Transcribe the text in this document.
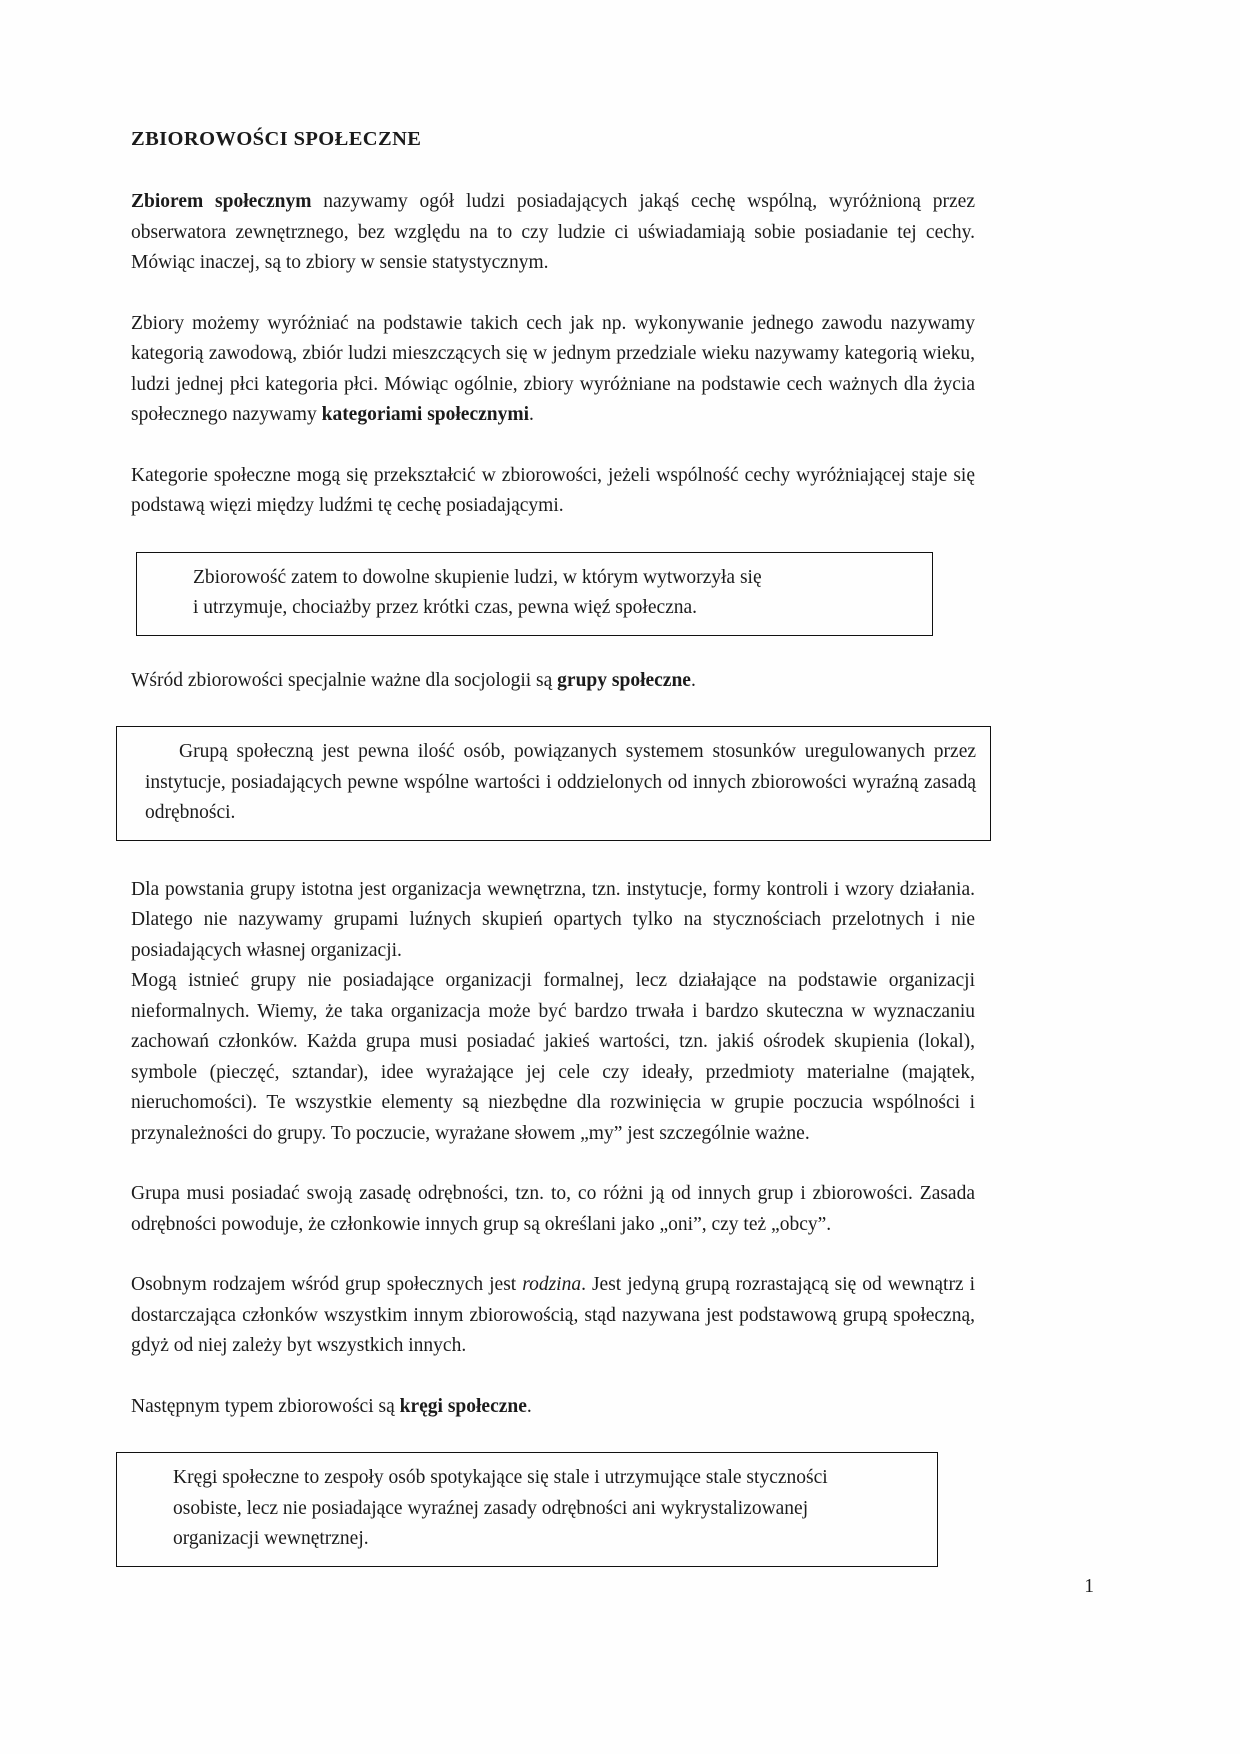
ZBIOROWOŚCI SPOŁECZNE

Zbiorem społecznym nazywamy ogół ludzi posiadających jakąś cechę wspólną, wyróżnioną przez obserwatora zewnętrznego, bez względu na to czy ludzie ci uświadamiają sobie posiadanie tej cechy. Mówiąc inaczej, są to zbiory w sensie statystycznym.

Zbiory możemy wyróżniać na podstawie takich cech jak np. wykonywanie jednego zawodu nazywamy kategorią zawodową, zbiór ludzi mieszczących się w jednym przedziale wieku nazywamy kategorią wieku, ludzi jednej płci kategoria płci. Mówiąc ogólnie, zbiory wyróżniane na podstawie cech ważnych dla życia społecznego nazywamy kategoriami społecznymi.

Kategorie społeczne mogą się przekształcić w zbiorowości, jeżeli wspólność cechy wyróżniającej staje się podstawą więzi między ludźmi tę cechę posiadającymi.

Zbiorowość zatem to dowolne skupienie ludzi, w którym wytworzyła się

i utrzymuje, chociażby przez krótki czas, pewna więź społeczna.

Wśród zbiorowości specjalnie ważne dla socjologii są grupy społeczne.

Grupą społeczną jest pewna ilość osób, powiązanych systemem stosunków uregulowanych przez instytucje, posiadających pewne wspólne wartości i oddzielonych od innych zbiorowości wyraźną zasadą odrębności.

Dla powstania grupy istotna jest organizacja wewnętrzna, tzn. instytucje, formy kontroli i wzory działania. Dlatego nie nazywamy grupami luźnych skupień opartych tylko na stycznościach przelotnych i nie posiadających własnej organizacji.

Mogą istnieć grupy nie posiadające organizacji formalnej, lecz działające na podstawie organizacji nieformalnych. Wiemy, że taka organizacja może być bardzo trwała i bardzo skuteczna w wyznaczaniu zachowań członków. Każda grupa musi posiadać jakieś wartości, tzn. jakiś ośrodek skupienia (lokal), symbole (pieczęć, sztandar), idee wyrażające jej cele czy ideały, przedmioty materialne (majątek, nieruchomości). Te wszystkie elementy są niezbędne dla rozwinięcia w grupie poczucia wspólności i przynależności do grupy. To poczucie, wyrażane słowem „my” jest szczególnie ważne.

Grupa musi posiadać swoją zasadę odrębności, tzn. to, co różni ją od innych grup i zbiorowości. Zasada odrębności powoduje, że członkowie innych grup są określani jako „oni”, czy też „obcy”.

Osobnym rodzajem wśród grup społecznych jest rodzina. Jest jedyną grupą rozrastającą się od wewnątrz i dostarczająca członków wszystkim innym zbiorowością, stąd nazywana jest podstawową grupą społeczną, gdyż od niej zależy byt wszystkich innych.

Następnym typem zbiorowości są kręgi społeczne.

Kręgi społeczne to zespoły osób spotykające się stale i utrzymujące stale styczności

osobiste, lecz nie posiadające wyraźnej zasady odrębności ani wykrystalizowanej

organizacji wewnętrznej.

1
